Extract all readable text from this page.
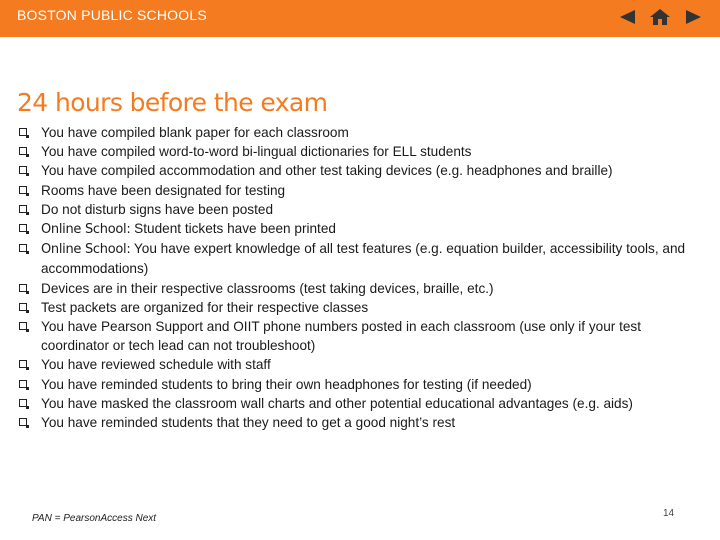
BOSTON PUBLIC SCHOOLS
24 hours before the exam
You have compiled blank paper for each classroom
You have compiled word-to-word bi-lingual dictionaries for ELL students
You have compiled accommodation and other test taking devices (e.g. headphones and braille)
Rooms have been designated for testing
Do not disturb signs have been posted
Online School: Student tickets have been printed
Online School: You have expert knowledge of all test features (e.g. equation builder, accessibility tools, and accommodations)
Devices are in their respective classrooms (test taking devices, braille, etc.)
Test packets are organized for their respective classes
You have Pearson Support and OIIT phone numbers posted in each classroom (use only if your test coordinator or tech lead can not troubleshoot)
You have reviewed schedule with staff
You have reminded students to bring their own headphones for testing (if needed)
You have masked the classroom wall charts and other potential educational advantages (e.g. aids)
You have reminded students that they need to get a good night’s rest
PAN = PearsonAccess Next	14
